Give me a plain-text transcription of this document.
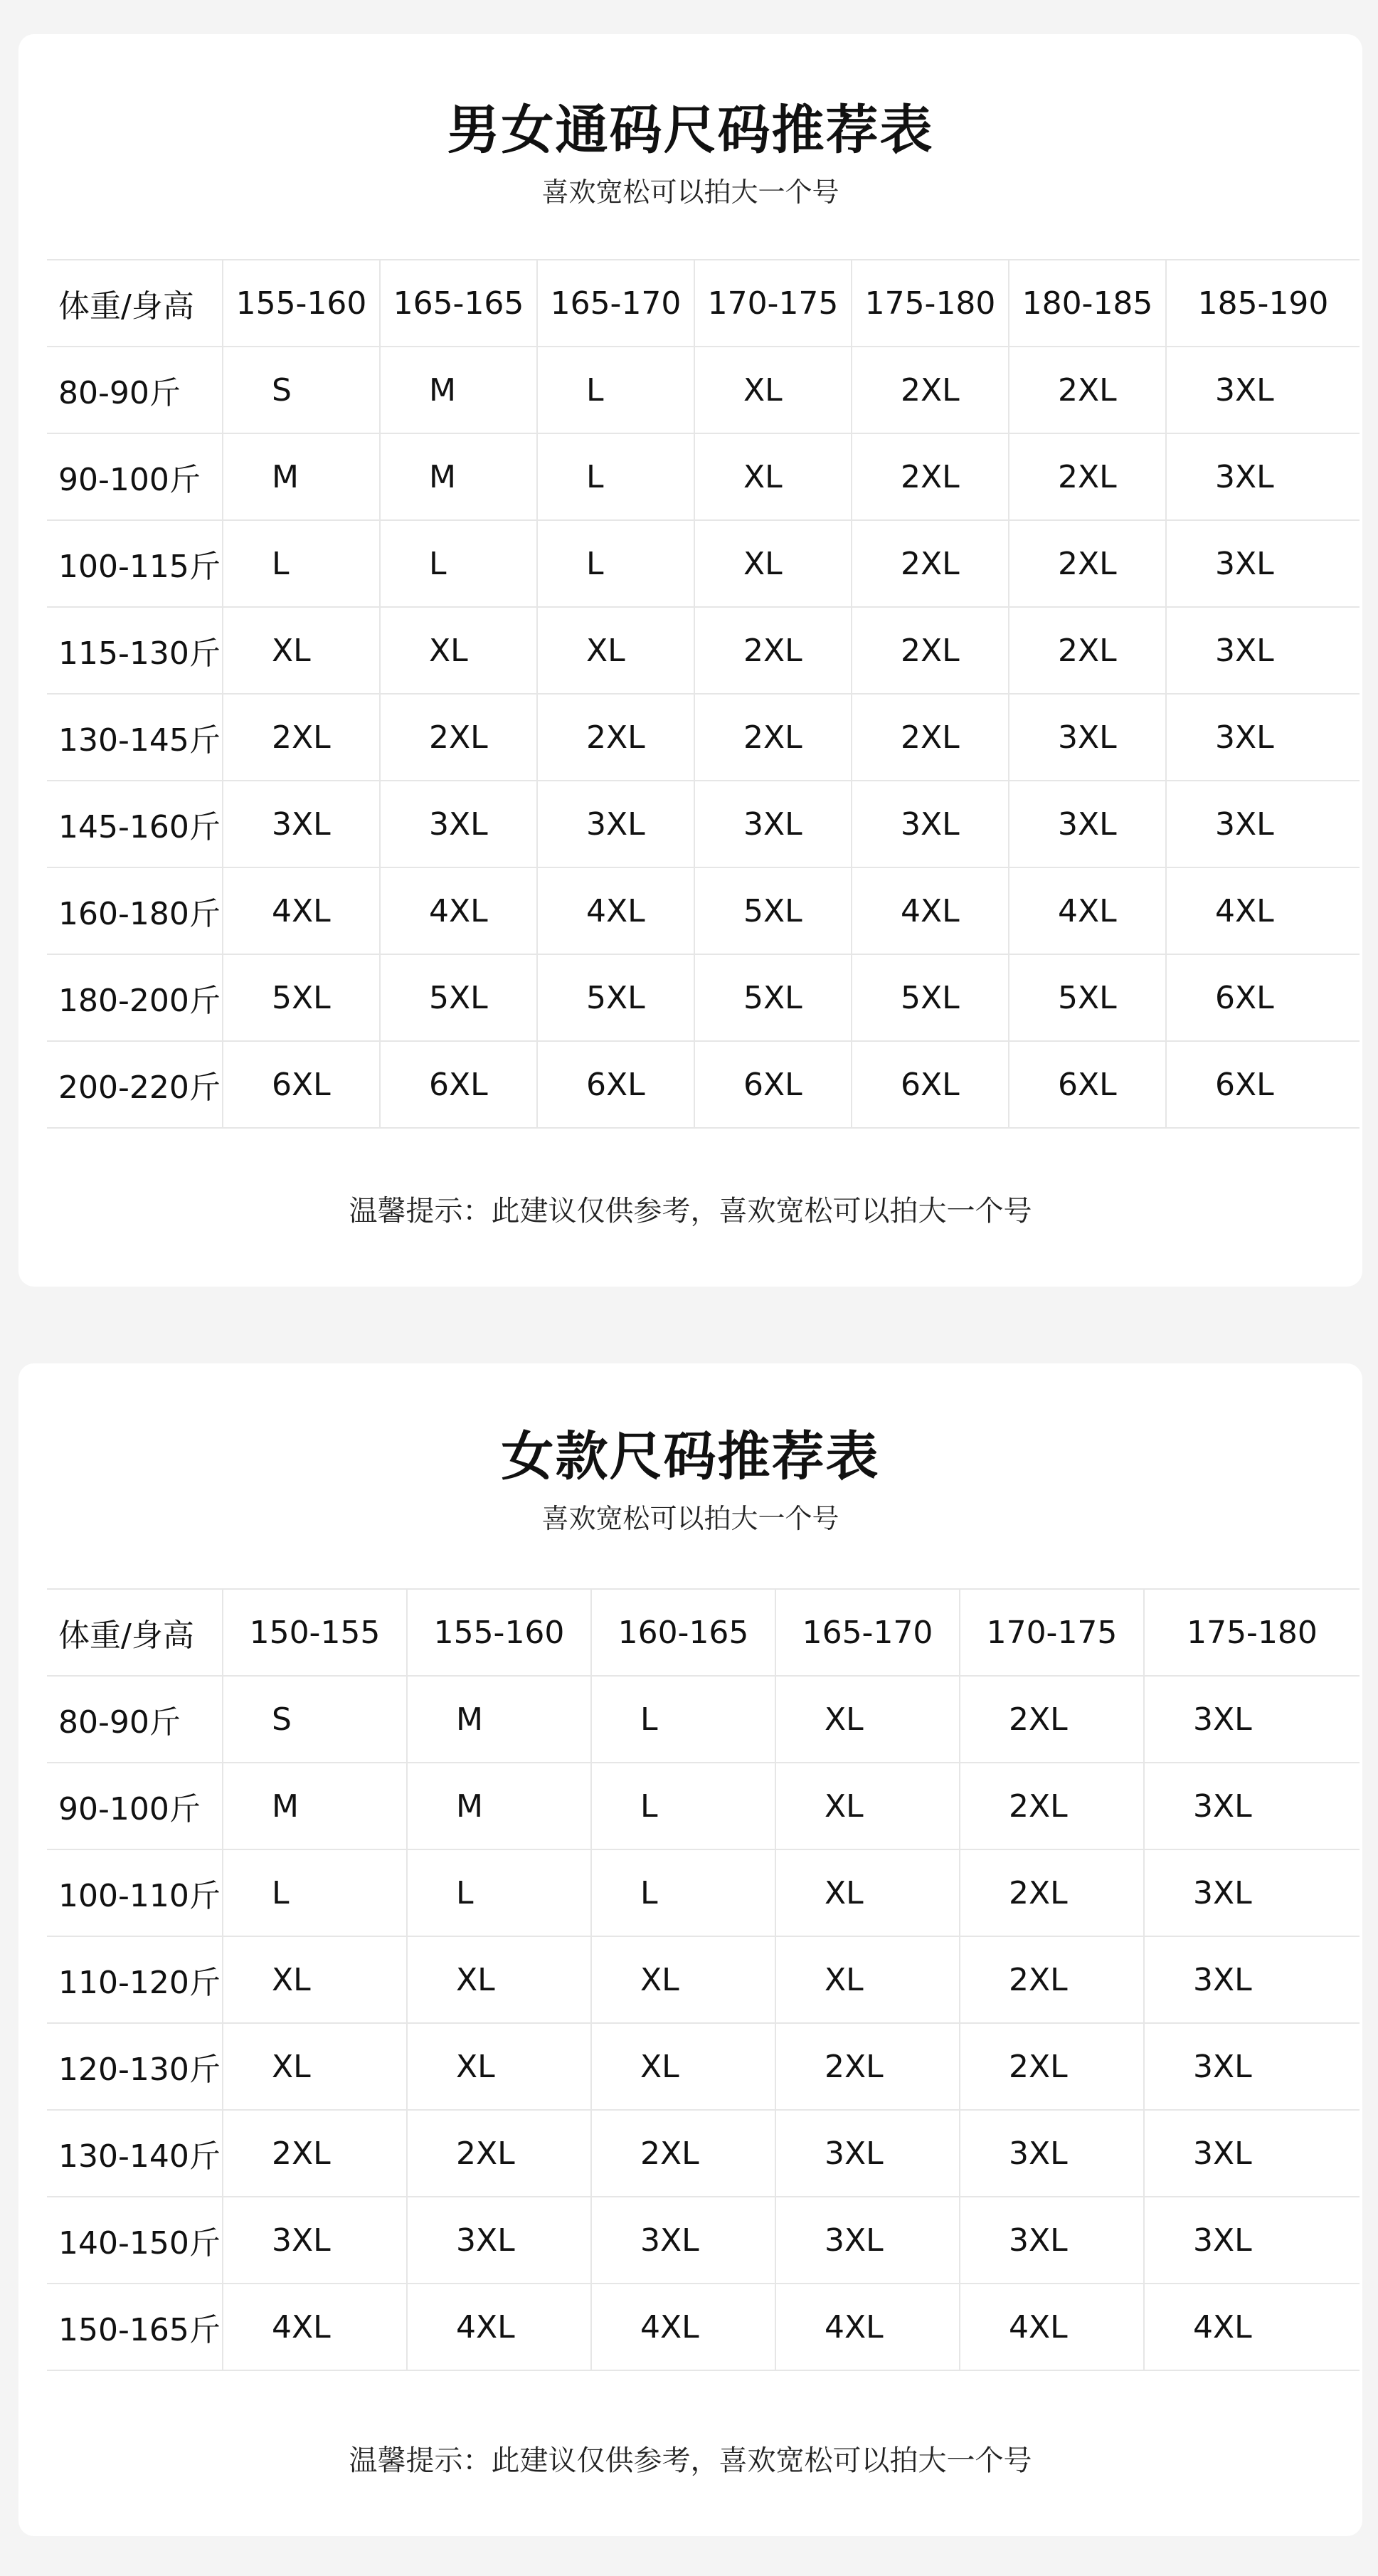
男女通码尺码推荐表
喜欢宽松可以拍大一个号
体重/身高	155-160	165-165	165-170	170-175	175-180	180-185	185-190
80-90斤	S	M	L	XL	2XL	2XL	3XL
90-100斤	M	M	L	XL	2XL	2XL	3XL
100-115斤	L	L	L	XL	2XL	2XL	3XL
115-130斤	XL	XL	XL	2XL	2XL	2XL	3XL
130-145斤	2XL	2XL	2XL	2XL	2XL	3XL	3XL
145-160斤	3XL	3XL	3XL	3XL	3XL	3XL	3XL
160-180斤	4XL	4XL	4XL	5XL	4XL	4XL	4XL
180-200斤	5XL	5XL	5XL	5XL	5XL	5XL	6XL
200-220斤	6XL	6XL	6XL	6XL	6XL	6XL	6XL
温馨提示：此建议仅供参考，喜欢宽松可以拍大一个号
女款尺码推荐表
喜欢宽松可以拍大一个号
体重/身高	150-155	155-160	160-165	165-170	170-175	175-180
80-90斤	S	M	L	XL	2XL	3XL
90-100斤	M	M	L	XL	2XL	3XL
100-110斤	L	L	L	XL	2XL	3XL
110-120斤	XL	XL	XL	XL	2XL	3XL
120-130斤	XL	XL	XL	2XL	2XL	3XL
130-140斤	2XL	2XL	2XL	3XL	3XL	3XL
140-150斤	3XL	3XL	3XL	3XL	3XL	3XL
150-165斤	4XL	4XL	4XL	4XL	4XL	4XL
温馨提示：此建议仅供参考，喜欢宽松可以拍大一个号
